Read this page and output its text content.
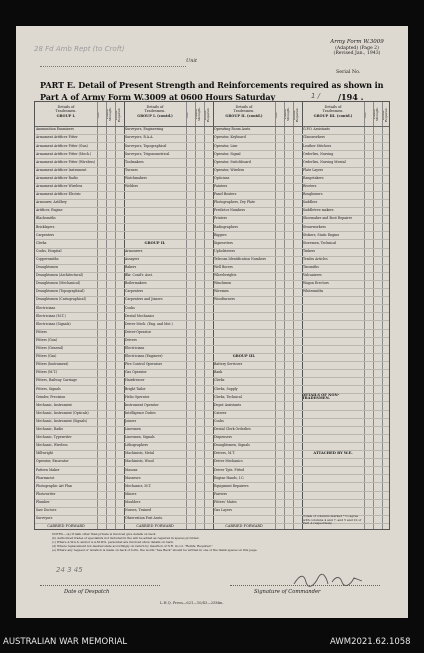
28 Fd Amb Rept (to Croft)
Unit
Army Form W.3009
(Adapted) (Page 2)
(Revised Jan., 1943)
Serial No.
PART E. Detail of Present Strength and Reinforcements required as shown in
Part A of Army Form W.3009 at 0600 Hours Saturday	1 / /194 .
Details of
Tradesmen.
GROUP I.	W.E.	Posted Strength. Reinfs. Required.
Details of
Tradesmen.
GROUP I. (contd.)	W.E.	Posted Strength. Reinfs. Required.
Details of
Tradesmen.
GROUP II. (contd.)	W.E.	Posted Strength. Reinfs. Required.
Details of
Tradesmen.
GROUP III. (contd.)	W.E.	Posted Strength. Reinfs. Required.
Ammunition Examiners
Armament Artificer Fitter
Armament Artificer Fitter (Gun)
Armament Artificer Fitter (Mech.)
Armament Artificer Fitter (Wireless)
Armament Artificer Instrument
Armament Artificer Radio
Armament Artificer Wireless
Armament Artificer Electric
Armourer, Artillery
Artificer, Engine
Blacksmiths
Bricklayers
Carpenters
Clerks
Cooks, Hospital
Coppersmiths
Draughtsmen
Draughtsmen (Architectural)
Draughtsmen (Mechanical)
Draughtsmen (Topographical)
Draughtsmen (Cartographical)
Electricians
Electricians (M.T.)
Electricians (Signals)
Fitters
Fitters (Gun)
Fitters (General)
Fitters (Gas)
Fitters (Instrument)
Fitters (M.T.)
Fitters, Railway Carriage
Fitters, Signals
Grinder, Precision
Mechanic, Instrument
Mechanic, Instrument (Opticals)
Mechanic, Instrument (Signals)
Mechanic, Radio
Mechanic, Typewriter
Mechanic, Wireless
Millwright
Operator, Excavator
Pattern Maker
Pharmacist
Photographic Art Plan
Photowriter
Plumber
Saw Doctors
Surveyors
CARRIED FORWARD
Surveyors, Engineering
Surveyors, R.A.A.
Surveyors, Topographical
Surveyors, Trigonometrical
Toolmakers
Turners
Watchmakers
Welders
GROUP II.
Armourers
Assayers
Bakers
Bkr. Cond'r. Asst.
Boilermakers
Carpenters
Carpenters and Joiners
Cooks
Dental Mechanics
Driver Mech. (Eng. and Mot.)
Driver-Operator
Drivers
Electricians
Electricians (Engineer)
Fire Control Operators
Gas Operator
Hairdresser
Bright Tailor
Helio Operator
Instrument Operator
Intelligence Duties
Joiners
Linesmen
Linesmen, Signals
Lithographers
Machinists, Metal
Machinists, Wood
Masons
Masseurs
Mechanics, M.T.
Miners
Moulders
Nurses, Trained
Observation Post Assts.
CARRIED FORWARD
Operating Room Assts.
Operator, Keyboard
Operator, Line
Operator, Signal
Operator, Switchboard
Operator, Wireless
Opticians
Painters
Panel Beaters
Photographers, Dry Plate
Predictor Numbers
Printers
Radiographers
Riggers
Signwriters
Upholsterers
Telecom Identification Numbers
Well Borers
Wheelwrights
Winchmen
Wiremen
Woodturners
GROUP III.
Battery Servicers
Bank
Clerks
Clerks, Supply
Clerks, Technical
Depot Assistants
Caterer
Cooks
Dental Clerk Orderlies
Dispensers
Draughtsmen, Signals
Drivers, M.T.
Driver Mechanics
Driver Tpts. Fitted
Engine Hands, I.C.
Equipment Repairers
Farriers
Fitters' Mates
Gas Layers
CARRIED FORWARD
G.P.O. Assistants
Glassworkers
Leather Stitchers
Orderlies, Nursing
Orderlies, Nursing Mental
Plate Layers
Rangetakers
Riveters
Rougheners
Saddlers
Saddletree makers
Shoemaker and Boot Repairer
Strawworkers
Stokers, Static Engine
Storemen, Technical
Tinkers
Trades Articles
Tinsmiths
Vulcanizers
Wagon Erectors
Whitesmiths
DETAILS OF NON-TRADESMEN.
ATTACHED BY W.E.
Totals of columns marked * to agree with columns 4 and 7, and 5 and 10 of Part A respectively.
NOTES.—(a) If tank other than private is involved give details on back.
(b) Authorized trades of specialists not included in the will be added as required in spaces provided.
(c) Where A.W.A.S. and/or A.A.M.W.S. personnel are involved show details on back.
(d) Where replacement not desired state accordingly on return by insertion of N.R. in col. "Reinfs. Required."
(e) Where any request or notation is made on back of form, the words "See Back" should be written in one of the blank spaces on this page.
24 3 45
Date of Despatch	Signature of Commander
L.H.Q. Press—621—10/43—25Mm.
AUSTRALIAN WAR MEMORIAL	AWM2021.62.1058
